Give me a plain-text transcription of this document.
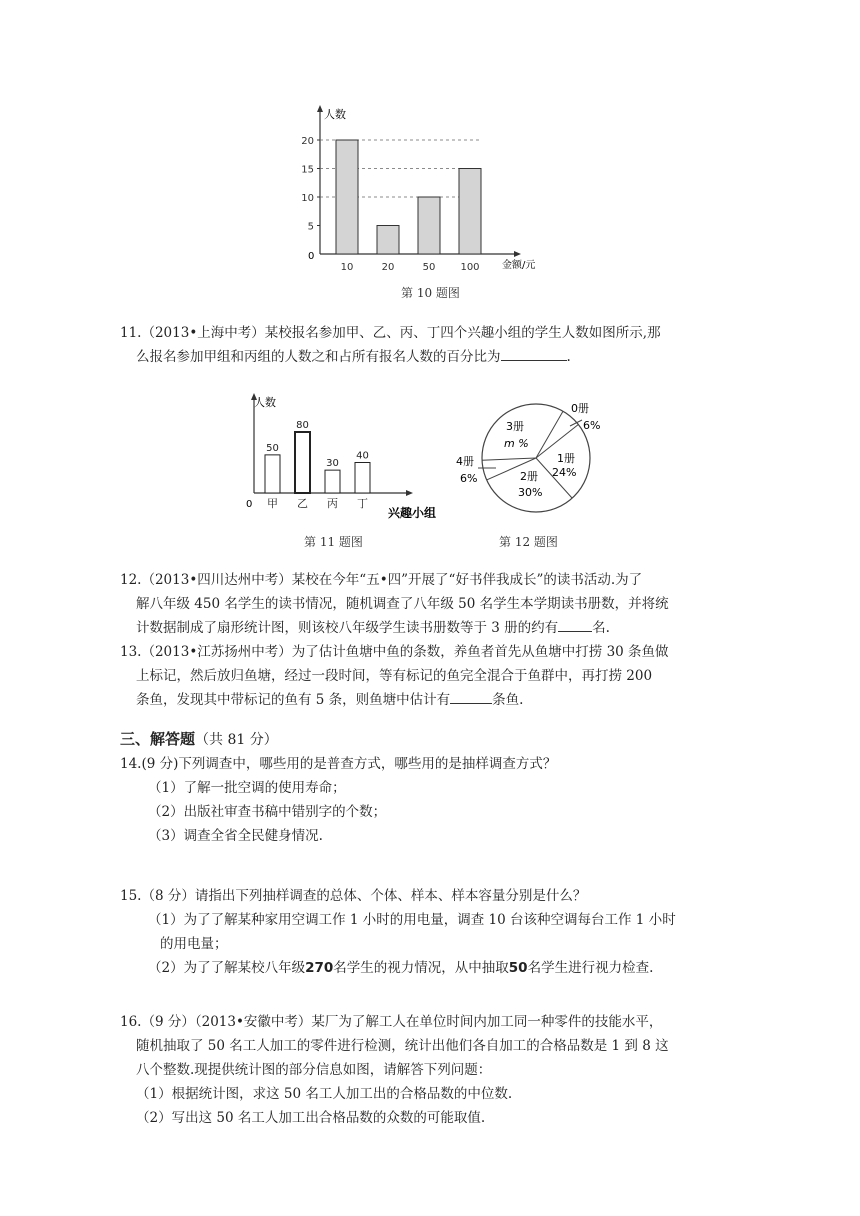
5
10
15
20
10	20	50	100
人数
金额/元
0
第 10 题图
11.（2013•上海中考）某校报名参加甲、乙、丙、丁四个兴趣小组的学生人数如图所示,那
么报名参加甲组和丙组的人数之和占所有报名人数的百分比为	.
50
甲
80
乙
30
丙
40
丁
人数
兴趣小组
0
第 11 题图
0册
6%
3册
m %
1册
24%
2册
30%
4册
6%
第 12 题图
12.（2013•四川达州中考）某校在今年“五•四”开展了“好书伴我成长”的读书活动.为了
解八年级 450 名学生的读书情况，随机调查了八年级 50 名学生本学期读书册数，并将统
计数据制成了扇形统计图，则该校八年级学生读书册数等于 3 册的约有	名.
13.（2013•江苏扬州中考）为了估计鱼塘中鱼的条数，养鱼者首先从鱼塘中打捞 30 条鱼做
上标记，然后放归鱼塘，经过一段时间，等有标记的鱼完全混合于鱼群中，再打捞 200
条鱼，发现其中带标记的鱼有 5 条，则鱼塘中估计有	条鱼.
三、解答题（共 81 分）
14.(9 分)下列调查中，哪些用的是普查方式，哪些用的是抽样调查方式？
（1）了解一批空调的使用寿命；
（2）出版社审查书稿中错别字的个数；
（3）调查全省全民健身情况.
15.（8 分）请指出下列抽样调查的总体、个体、样本、样本容量分别是什么？
（1）为了了解某种家用空调工作 1 小时的用电量，调查 10 台该种空调每台工作 1 小时
的用电量；
（2）为了了解某校八年级270名学生的视力情况，从中抽取50名学生进行视力检查.
16.（9 分）（2013•安徽中考）某厂为了解工人在单位时间内加工同一种零件的技能水平，
随机抽取了 50 名工人加工的零件进行检测，统计出他们各自加工的合格品数是 1 到 8 这
八个整数.现提供统计图的部分信息如图，请解答下列问题：
（1）根据统计图，求这 50 名工人加工出的合格品数的中位数.
（2）写出这 50 名工人加工出合格品数的众数的可能取值.
